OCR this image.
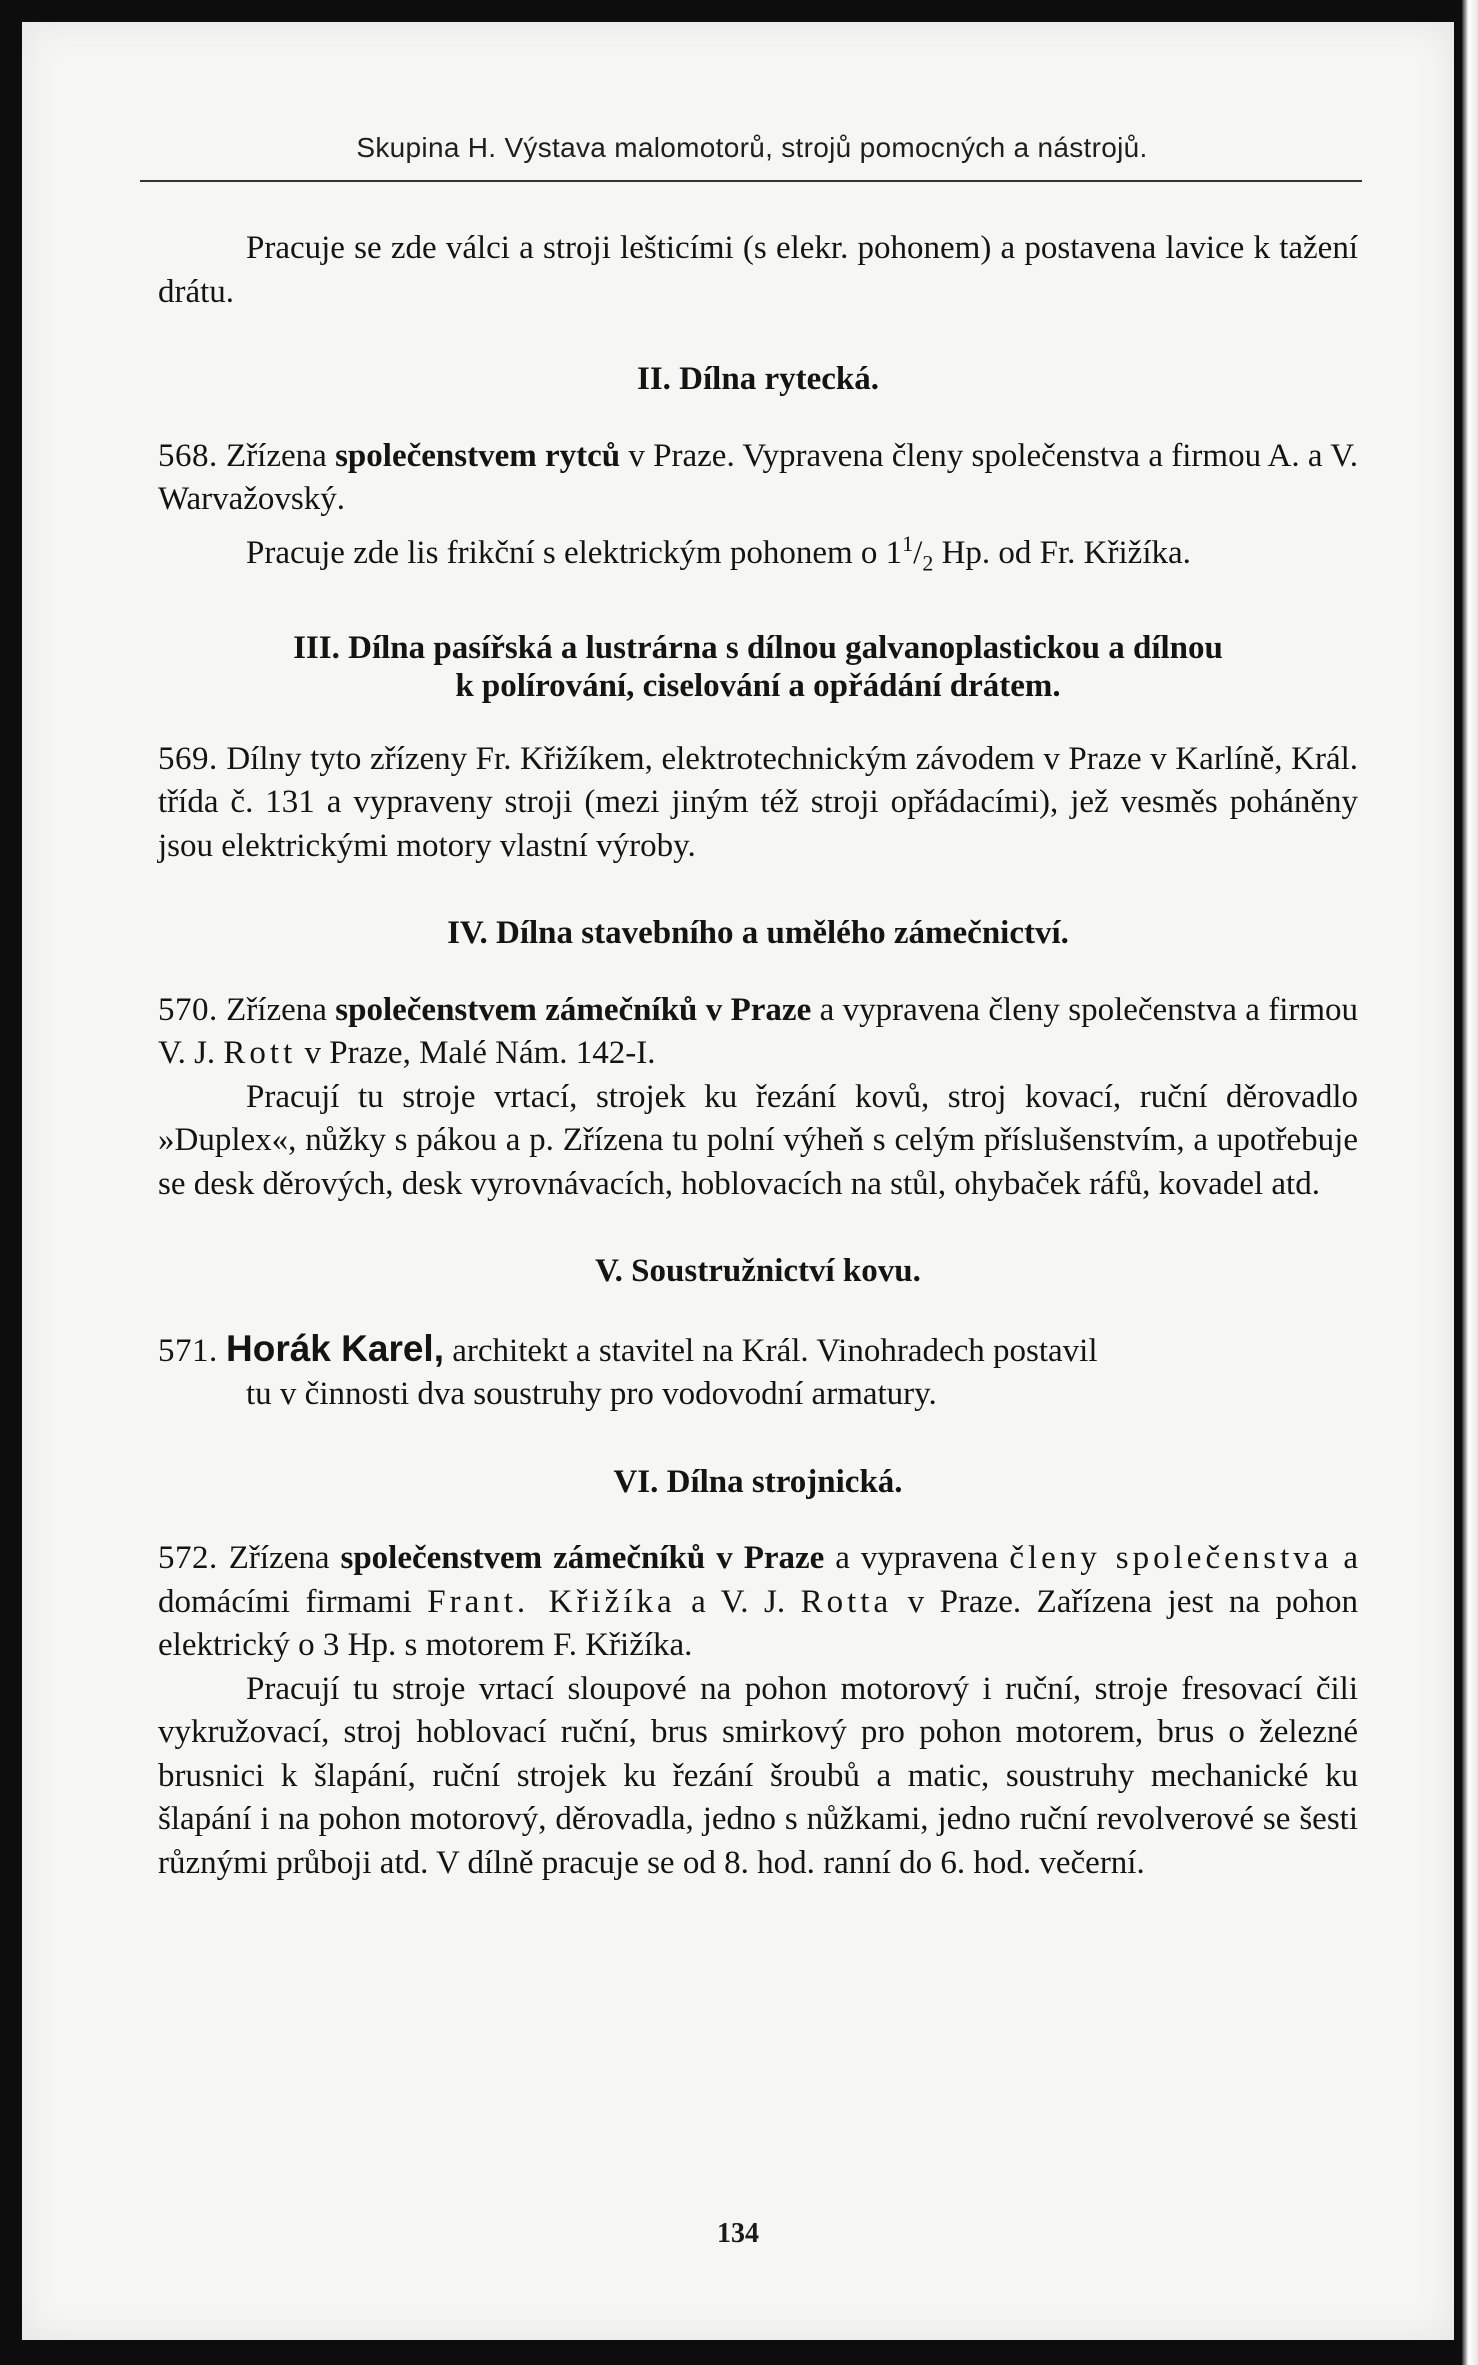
Skupina H. Výstava malomotorů, strojů pomocných a nástrojů.

Pracuje se zde válci a stroji lešticími (s elekr. pohonem) a postavena lavice k tažení drátu.

II. Dílna rytecká.

568. Zřízena společenstvem rytců v Praze. Vypravena členy společenstva a firmou A. a V. Warvažovský.

Pracuje zde lis frikční s elektrickým pohonem o $1^1/_2$ Hp. od Fr. Křižíka.

III. Dílna pasířská a lustrárna s dílnou galvanoplastickou a dílnou
k polírování, ciselování a opřádání drátem.

569. Dílny tyto zřízeny Fr. Křižíkem, elektrotechnickým závodem v Praze v Karlíně, Král. třída č. 131 a vypraveny stroji (mezi jiným též stroji opřádacími), jež vesměs poháněny jsou elektrickými motory vlastní výroby.

IV. Dílna stavebního a umělého zámečnictví.

570. Zřízena společenstvem zámečníků v Praze a vypravena členy společenstva a firmou V. J. Rott v Praze, Malé Nám. 142-I.

Pracují tu stroje vrtací, strojek ku řezání kovů, stroj kovací, ruční děrovadlo »Duplex«, nůžky s pákou a p. Zřízena tu polní výheň s celým příslušenstvím, a upotřebuje se desk děrových, desk vyrovnávacích, hoblovacích na stůl, ohybaček ráfů, kovadel atd.

V. Soustružnictví kovu.

571. Horák Karel, architekt a stavitel na Král. Vinohradech postavil

tu v činnosti dva soustruhy pro vodovodní armatury.

VI. Dílna strojnická.

572. Zřízena společenstvem zámečníků v Praze a vypravena členy společenstva a domácími firmami Frant. Křižíka a V. J. Rotta v Praze. Zařízena jest na pohon elektrický o 3 Hp. s motorem F. Křižíka.

Pracují tu stroje vrtací sloupové na pohon motorový i ruční, stroje fresovací čili vykružovací, stroj hoblovací ruční, brus smirkový pro pohon motorem, brus o železné brusnici k šlapání, ruční strojek ku řezání šroubů a matic, soustruhy mechanické ku šlapání i na pohon motorový, děrovadla, jedno s nůžkami, jedno ruční revolverové se šesti různými průboji atd. V dílně pracuje se od 8. hod. ranní do 6. hod. večerní.

134
